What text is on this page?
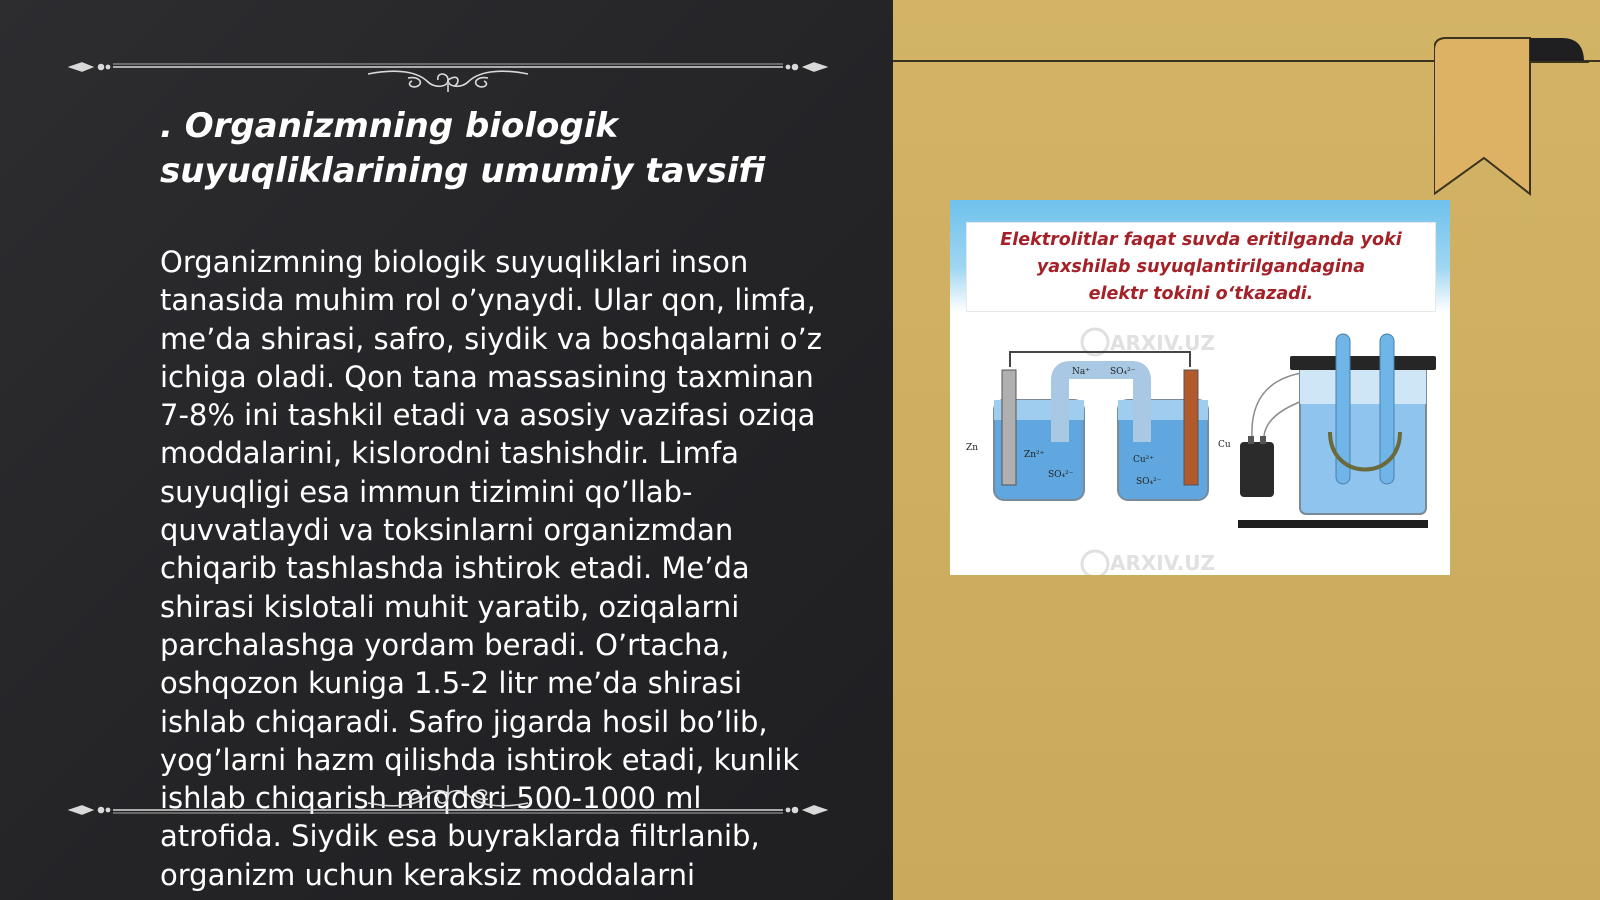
. Organizmning biologik suyuqliklarining umumiy tavsifi

Organizmning biologik suyuqliklari inson
tanasida muhim rol o’ynaydi. Ular qon, limfa,
me’da shirasi, safro, siydik va boshqalarni o’z
ichiga oladi. Qon tana massasining taxminan
7-8% ini tashkil etadi va asosiy vazifasi oziqa
moddalarini, kislorodni tashishdir. Limfa
suyuqligi esa immun tizimini qo’llab-
quvvatlaydi va toksinlarni organizmdan
chiqarib tashlashda ishtirok etadi. Me’da
shirasi kislotali muhit yaratib, oziqalarni
parchalashga yordam beradi. O’rtacha,
oshqozon kuniga 1.5-2 litr me’da shirasi
ishlab chiqaradi. Safro jigarda hosil bo’lib,
yog’larni hazm qilishda ishtirok etadi, kunlik
ishlab chiqarish miqdori 500-1000 ml
atrofida. Siydik esa buyraklarda filtrlanib,
organizm uchun keraksiz moddalarni

Elektrolitlar faqat suvda eritilganda yoki
yaxshilab suyuqlantirilgandagina
elektr tokini o‘tkazadi.
ARXIV.UZ
ARXIV.UZ
Zn
Zn²⁺
SO₄²⁻
Cu²⁺
SO₄²⁻
Na⁺ SO₄²⁻
Cu
